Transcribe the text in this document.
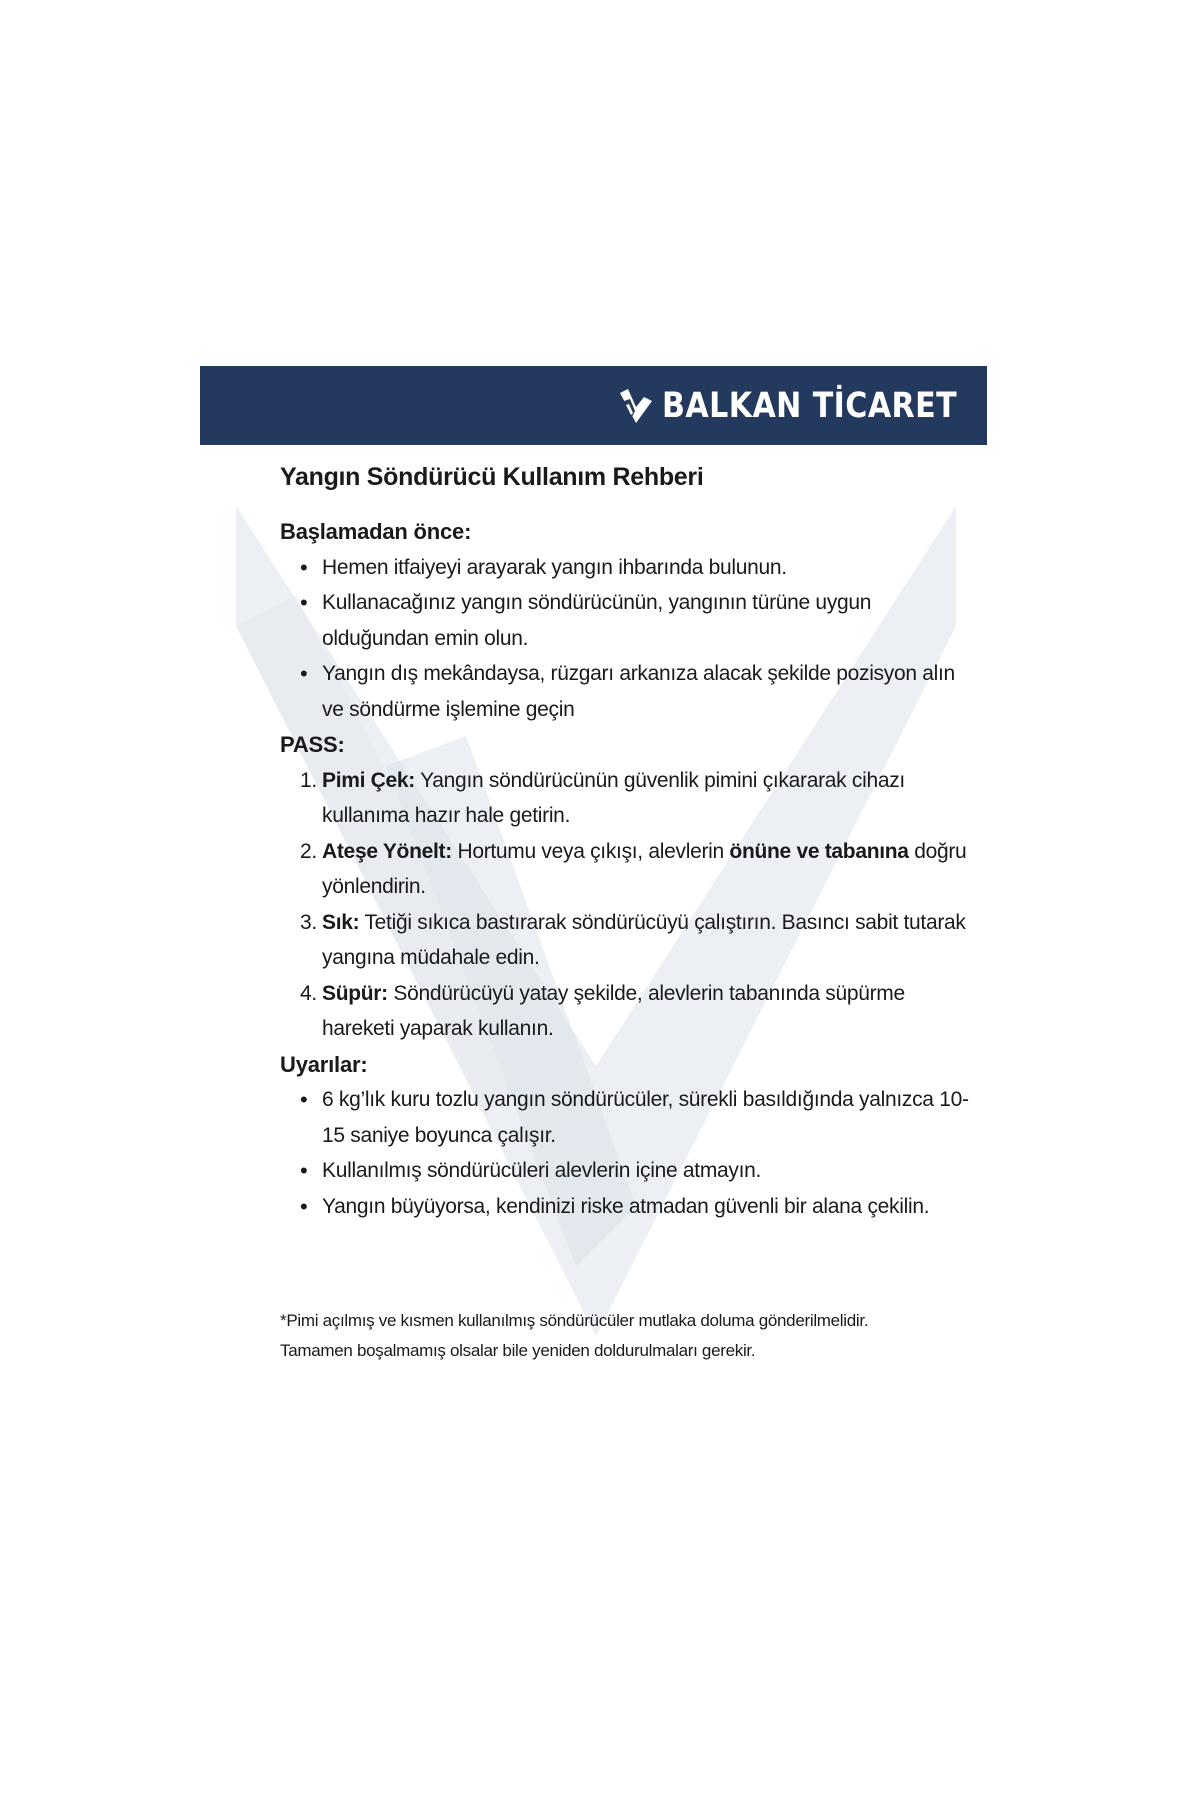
BALKAN TİCARET
Yangın Söndürücü Kullanım Rehberi
Başlamadan önce:
• Hemen itfaiyeyi arayarak yangın ihbarında bulunun.
• Kullanacağınız yangın söndürücünün, yangının türüne uygun olduğundan emin olun.
• Yangın dış mekândaysa, rüzgarı arkanıza alacak şekilde pozisyon alın ve söndürme işlemine geçin
PASS:
1. Pimi Çek: Yangın söndürücünün güvenlik pimini çıkararak cihazı kullanıma hazır hale getirin.
2. Ateşe Yönelt: Hortumu veya çıkışı, alevlerin önüne ve tabanına doğru yönlendirin.
3. Sık: Tetiği sıkıca bastırarak söndürücüyü çalıştırın. Basıncı sabit tutarak yangına müdahale edin.
4. Süpür: Söndürücüyü yatay şekilde, alevlerin tabanında süpürme hareketi yaparak kullanın.
Uyarılar:
• 6 kg’lık kuru tozlu yangın söndürücüler, sürekli basıldığında yalnızca 10-15 saniye boyunca çalışır.
• Kullanılmış söndürücüleri alevlerin içine atmayın.
• Yangın büyüyorsa, kendinizi riske atmadan güvenli bir alana çekilin.
*Pimi açılmış ve kısmen kullanılmış söndürücüler mutlaka doluma gönderilmelidir.
Tamamen boşalmamış olsalar bile yeniden doldurulmaları gerekir.
